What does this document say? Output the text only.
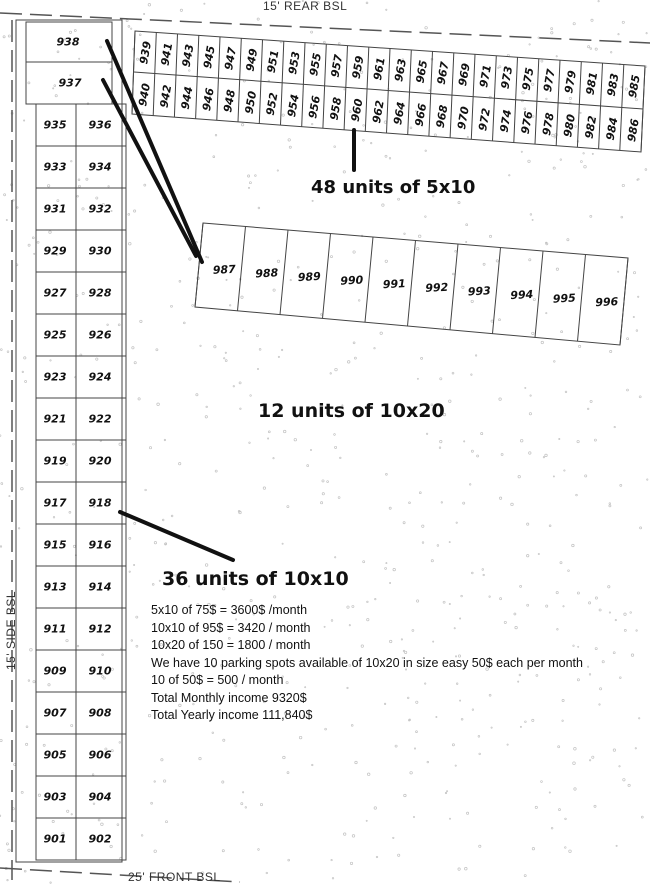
938
937
935 936
933 934
931 932
929 930
927 928
925 926
923 924
921 922
919 920
917 918
915 916
913 914
911 912
909 910
907 908
905 906
903 904
901 902
939 941 943 945 947 949 951 953 955 957 959 961 963 965 967 969 971 973 975 977 979 981 983 985
940 942 944 946 948 950 952 954 956 958 960 962 964 966 968 970 972 974 976 978 980 982 984 986
987 988 989 990 991 992 993 994 995 996
15' REAR BSL
15' SIDE BSL
25' FRONT BSL
48 units of 5x10
12 units of 10x20
36 units of 10x10
5x10 of 75$ = 3600$ /month
10x10 of 95$ = 3420 / month
10x20 of 150 = 1800 / month
We have 10 parking spots available of 10x20 in size easy 50$ each per month
10 of 50$ = 500 / month
Total Monthly income 9320$
Total Yearly income 111,840$
